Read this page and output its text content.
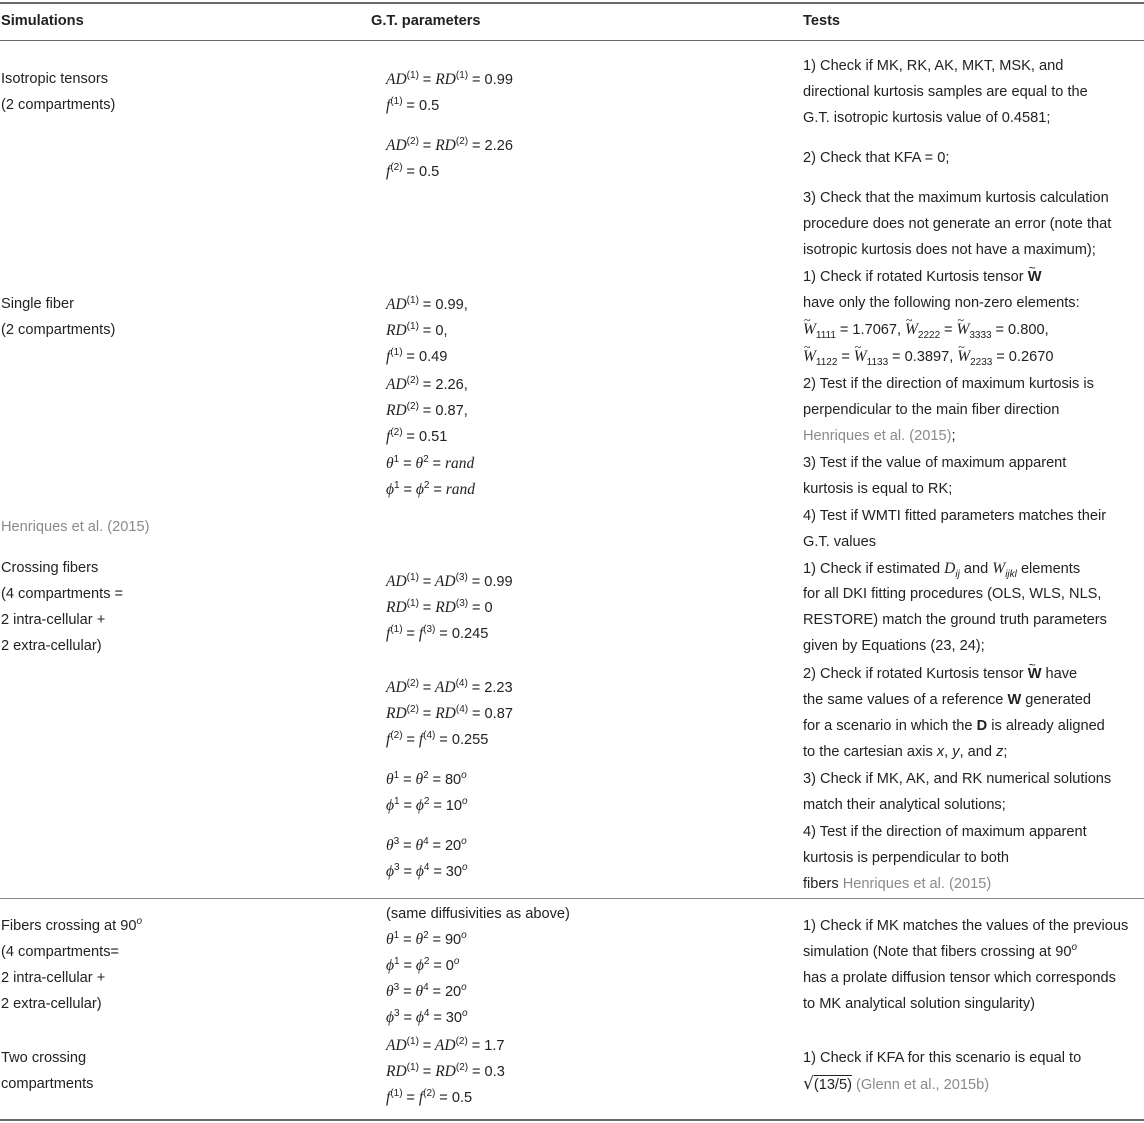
Simulations	G.T. parameters	Tests
Isotropic tensors
(2 compartments)
Single fiber
(2 compartments)
Henriques et al. (2015)
Crossing fibers
(4 compartments =
2 intra-cellular +
2 extra-cellular)
Fibers crossing at 90$^o$
(4 compartments=
2 intra-cellular +
2 extra-cellular)
Two crossing
compartments
$AD^{(1)} = RD^{(1)} = 0.99$
$f^{(1)} = 0.5$
$AD^{(2)} = RD^{(2)} = 2.26$
$f^{(2)} = 0.5$
$AD^{(1)} = 0.99$,
$RD^{(1)} = 0$,
$f^{(1)} = 0.49$
$AD^{(2)} = 2.26$,
$RD^{(2)} = 0.87$,
$f^{(2)} = 0.51$
$\theta^1 = \theta^2$ = rand
$\phi^1 = \phi^2$ = rand
$AD^{(1)} = AD^{(3)} = 0.99$
$RD^{(1)} = RD^{(3)} = 0$
$f^{(1)} = f^{(3)} = 0.245$
$AD^{(2)} = AD^{(4)} = 2.23$
$RD^{(2)} = RD^{(4)} = 0.87$
$f^{(2)} = f^{(4)} = 0.255$
$\theta^1 = \theta^2 = 80^o$
$\phi^1 = \phi^2 = 10^o$
$\theta^3 = \theta^4 = 20^o$
$\phi^3 = \phi^4 = 30^o$
(same diffusivities as above)
$\theta^1 = \theta^2 = 90^o$
$\phi^1 = \phi^2 = 0^o$
$\theta^3 = \theta^4 = 20^o$
$\phi^3 = \phi^4 = 30^o$
$AD^{(1)} = AD^{(2)} = 1.7$
$RD^{(1)} = RD^{(2)} = 0.3$
$f^{(1)} = f^{(2)} = 0.5$
1) Check if MK, RK, AK, MKT, MSK, and
directional kurtosis samples are equal to the
G.T. isotropic kurtosis value of 0.4581;
2) Check that KFA = 0;
3) Check that the maximum kurtosis calculation
procedure does not generate an error (note that
isotropic kurtosis does not have a maximum);
1) Check if rotated Kurtosis tensor ~ W
have only the following non-zero elements:
~ $W_{1111} = 1.7067$, ~ $W_{2222}$ = ~ $W_{3333} = 0.800$,
~ $W_{1122}$ = ~ $W_{1133} = 0.3897$, ~ $W_{2233} = 0.2670$
2) Test if the direction of maximum kurtosis is
perpendicular to the main fiber direction
Henriques et al. (2015);
3) Test if the value of maximum apparent
kurtosis is equal to RK;
4) Test if WMTI fitted parameters matches their
G.T. values
1) Check if estimated $D_{ij}$ and $W_{ijkl}$ elements
for all DKI fitting procedures (OLS, WLS, NLS,
RESTORE) match the ground truth parameters
given by Equations (23, 24);
2) Check if rotated Kurtosis tensor ~ W have
the same values of a reference W generated
for a scenario in which the D is already aligned
to the cartesian axis x, y, and z;
3) Check if MK, AK, and RK numerical solutions
match their analytical solutions;
4) Test if the direction of maximum apparent
kurtosis is perpendicular to both
fibers Henriques et al. (2015)
1) Check if MK matches the values of the previous
simulation (Note that fibers crossing at 90$^o$
has a prolate diffusion tensor which corresponds
to MK analytical solution singularity)
1) Check if KFA for this scenario is equal to
√(13/5) (Glenn et al., 2015b)
